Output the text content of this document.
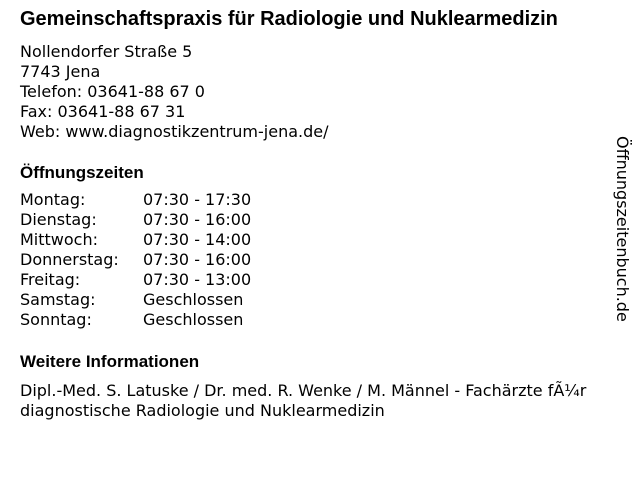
Gemeinschaftspraxis für Radiologie und Nuklearmedizin
Nollendorfer Straße 5
7743 Jena
Telefon: 03641-88 67 0
Fax: 03641-88 67 31
Web: www.diagnostikzentrum-jena.de/
Öffnungszeiten
Montag:	07:30 - 17:30
Dienstag:	07:30 - 16:00
Mittwoch:	07:30 - 14:00
Donnerstag:	07:30 - 16:00
Freitag:	07:30 - 13:00
Samstag:	Geschlossen
Sonntag:	Geschlossen
Weitere Informationen
Dipl.-Med. S. Latuske / Dr. med. R. Wenke / M. Männel - Fachärzte fÃ¼r diagnostische Radiologie und Nuklearmedizin
Öffnungszeitenbuch.de
